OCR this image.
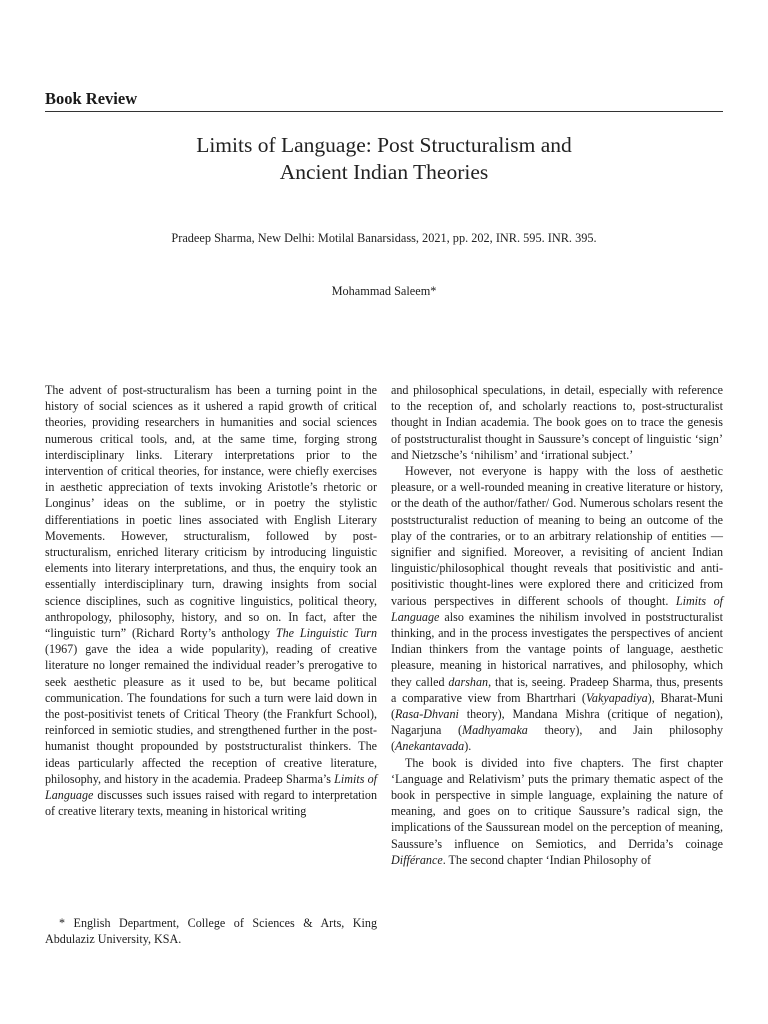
Book Review
Limits of Language: Post Structuralism and
Ancient Indian Theories
Pradeep Sharma, New Delhi: Motilal Banarsidass, 2021, pp. 202, INR. 595. INR. 395.
Mohammad Saleem*

The advent of post-structuralism has been a turning point in the history of social sciences as it ushered a rapid growth of critical theories, providing researchers in humanities and social sciences numerous critical tools, and, at the same time, forging strong interdisciplinary links. Literary interpretations prior to the intervention of critical theories, for instance, were chiefly exercises in aesthetic appreciation of texts invoking Aristotle’s rhetoric or Longinus’ ideas on the sublime, or in poetry the stylistic differentiations in poetic lines associated with English Literary Movements. However, structuralism, followed by post-structuralism, enriched literary criticism by introducing linguistic elements into literary interpretations, and thus, the enquiry took an essentially interdisciplinary turn, drawing insights from social science disciplines, such as cognitive linguistics, political theory, anthropology, philosophy, history, and so on. In fact, after the “linguistic turn” (Richard Rorty’s anthology The Linguistic Turn (1967) gave the idea a wide popularity), reading of creative literature no longer remained the individual reader’s prerogative to seek aesthetic pleasure as it used to be, but became political communication. The foundations for such a turn were laid down in the post-positivist tenets of Critical Theory (the Frankfurt School), reinforced in semiotic studies, and strengthened further in the post-humanist thought propounded by poststructuralist thinkers. The ideas particularly affected the reception of creative literature, philosophy, and history in the academia. Pradeep Sharma’s Limits of Language discusses such issues raised with regard to interpretation of creative literary texts, meaning in historical writing

* English Department, College of Sciences & Arts, King Abdulaziz University, KSA.

and philosophical speculations, in detail, especially with reference to the reception of, and scholarly reactions to, post-structuralist thought in Indian academia. The book goes on to trace the genesis of poststructuralist thought in Saussure’s concept of linguistic ‘sign’ and Nietzsche’s ‘nihilism’ and ‘irrational subject.’

However, not everyone is happy with the loss of aesthetic pleasure, or a well-rounded meaning in creative literature or history, or the death of the author/father/ God. Numerous scholars resent the poststructuralist reduction of meaning to being an outcome of the play of the contraries, or to an arbitrary relationship of entities — signifier and signified. Moreover, a revisiting of ancient Indian linguistic/philosophical thought reveals that positivistic and anti-positivistic thought-lines were explored there and criticized from various perspectives in different schools of thought. Limits of Language also examines the nihilism involved in poststructuralist thinking, and in the process investigates the perspectives of ancient Indian thinkers from the vantage points of language, aesthetic pleasure, meaning in historical narratives, and philosophy, which they called darshan, that is, seeing. Pradeep Sharma, thus, presents a comparative view from Bhartrhari (Vakyapadiya), Bharat-Muni (Rasa-Dhvani theory), Mandana Mishra (critique of negation), Nagarjuna (Madhyamaka theory), and Jain philosophy (Anekantavada).

The book is divided into five chapters. The first chapter ‘Language and Relativism’ puts the primary thematic aspect of the book in perspective in simple language, explaining the nature of meaning, and goes on to critique Saussure’s radical sign, the implications of the Saussurean model on the perception of meaning, Saussure’s influence on Semiotics, and Derrida’s coinage Différance. The second chapter ‘Indian Philosophy of
